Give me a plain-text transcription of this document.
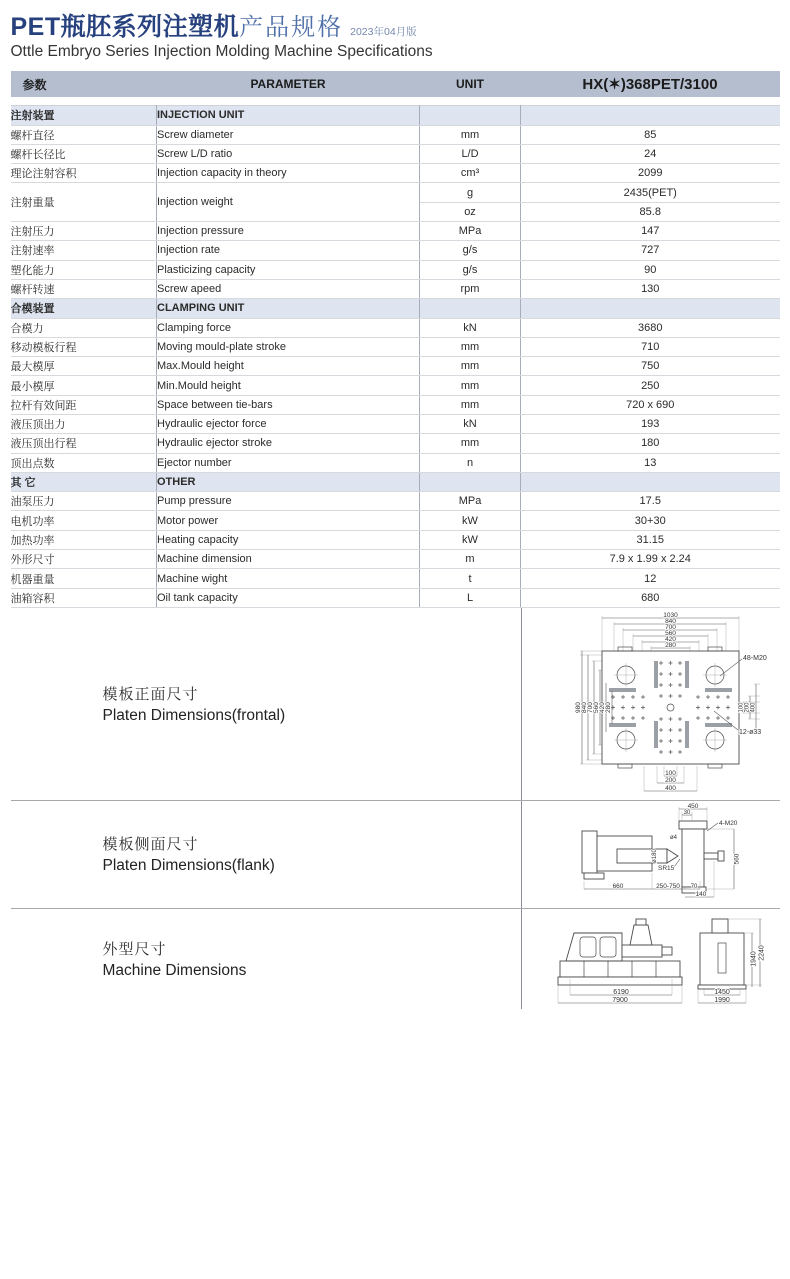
PET瓶胚系列注塑机产品规格 2023年04月版
Ottle Embryo Series Injection Molding Machine Specifications
参数	PARAMETER	UNIT	HX(✶)368PET/3100
注射装置	INJECTION UNIT		
螺杆直径	Screw diameter	mm	85
螺杆长径比	Screw L/D ratio	L/D	24
理论注射容积	Injection capacity in theory	cm³	2099
注射重量	Injection weight	g	2435(PET)
		oz	85.8
注射压力	Injection pressure	MPa	147
注射速率	Injection rate	g/s	727
塑化能力	Plasticizing capacity	g/s	90
螺杆转速	Screw apeed	rpm	130
合模装置	CLAMPING UNIT		
合模力	Clamping force	kN	3680
移动模板行程	Moving mould-plate stroke	mm	710
最大模厚	Max.Mould height	mm	750
最小模厚	Min.Mould height	mm	250
拉杆有效间距	Space between tie-bars	mm	720 x 690
液压顶出力	Hydraulic ejector force	kN	193
液压顶出行程	Hydraulic ejector stroke	mm	180
顶出点数	Ejector number	n	13
其 它	OTHER		
油泵压力	Pump pressure	MPa	17.5
电机功率	Motor power	kW	30+30
加热功率	Heating capacity	kW	31.15
外形尺寸	Machine dimension	m	7.9 x 1.99 x 2.24
机器重量	Machine wight	t	12
油箱容积	Oil tank capacity	L	680
模板正面尺寸
Platen Dimensions(frontal)
1030
840
700
560
420
280
980 840 700 560 420 280	100 200 400
100
200
400
48-M20
12-ø33
模板侧面尺寸
Platen Dimensions(flank)
450
30
4-M20
ø4
ø180
SR15
560
660	250-750 70
140
外型尺寸
Machine Dimensions
6190
7900
1450
1990
1940 2240
